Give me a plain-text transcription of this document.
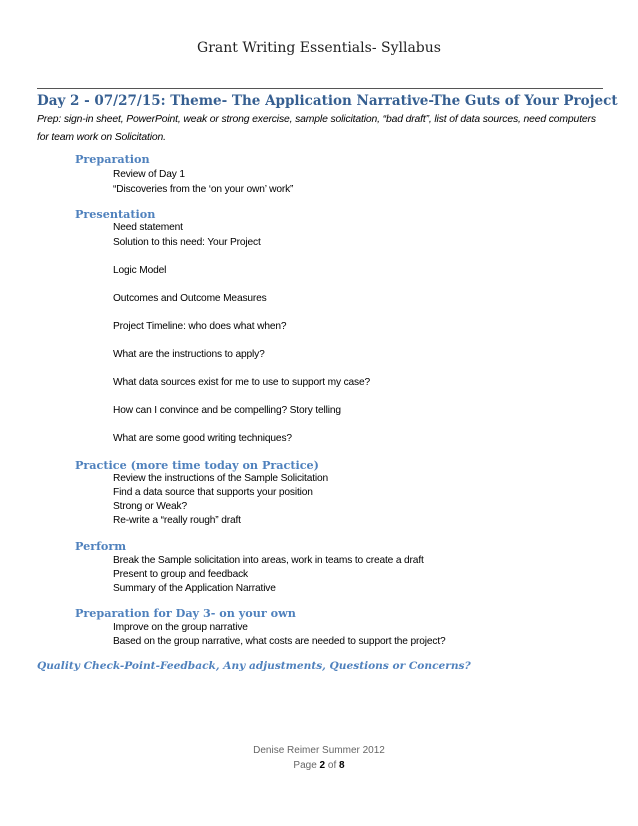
Grant Writing Essentials- Syllabus
Day 2 - 07/27/15: Theme- The Application Narrative-The Guts of Your Project
Prep: sign-in sheet, PowerPoint, weak or strong exercise, sample solicitation, “bad draft”, list of data sources, need computers for team work on Solicitation.
Preparation
Review of Day 1
“Discoveries from the ‘on your own’ work”
Presentation
Need statement
Solution to this need: Your Project
Logic Model
Outcomes and Outcome Measures
Project Timeline: who does what when?
What are the instructions to apply?
What data sources exist for me to use to support my case?
How can I convince and be compelling? Story telling
What are some good writing techniques?
Practice (more time today on Practice)
Review the instructions of the Sample Solicitation
Find a data source that supports your position
Strong or Weak?
Re-write a “really rough” draft
Perform
Break the Sample solicitation into areas, work in teams to create a draft
Present to group and feedback
Summary of the Application Narrative
Preparation for Day 3- on your own
Improve on the group narrative
Based on the group narrative, what costs are needed to support the project?
Quality Check-Point-Feedback, Any adjustments, Questions or Concerns?
Denise Reimer Summer 2012
Page 2 of 8
